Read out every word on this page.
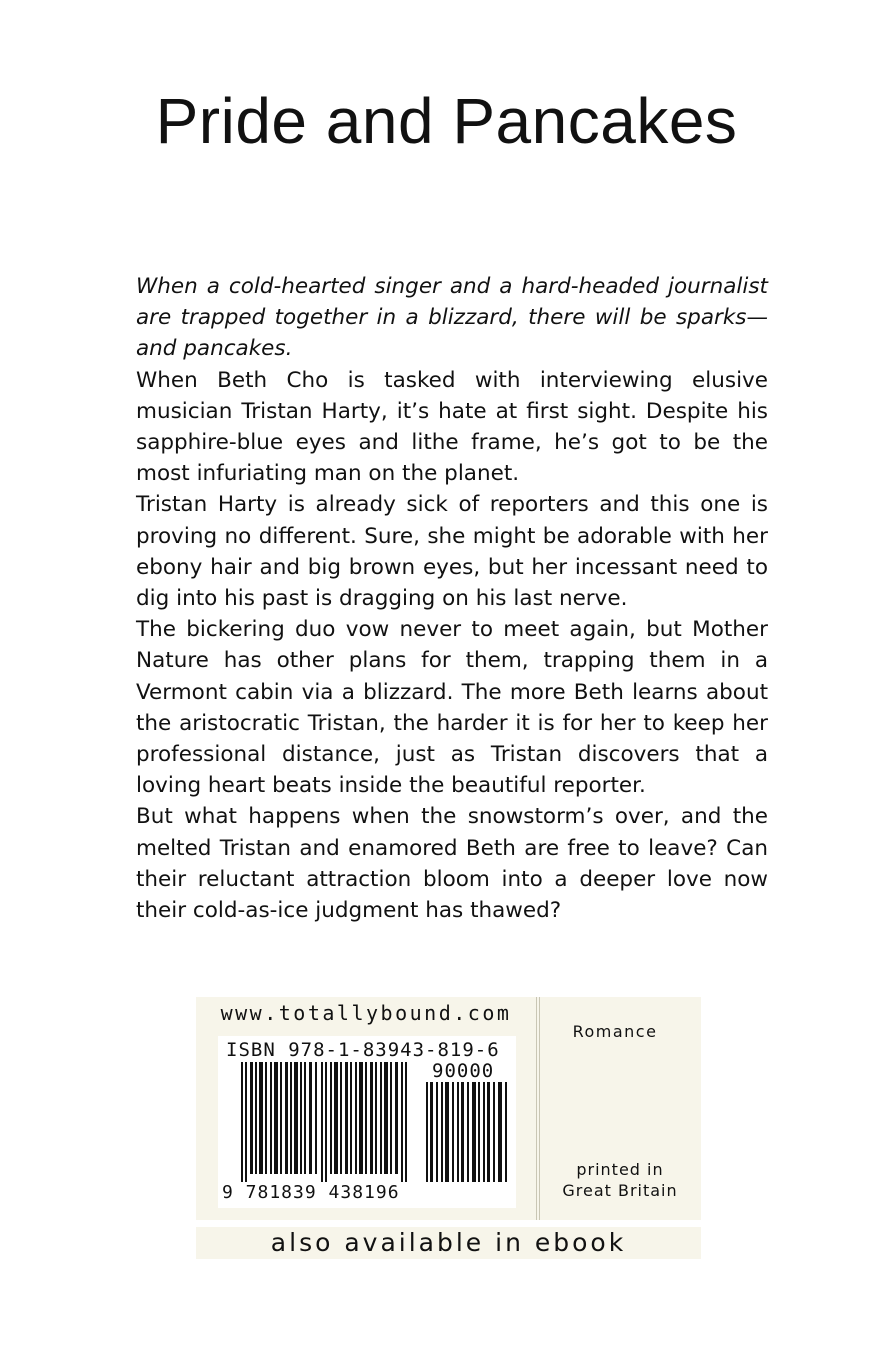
Pride and Pancakes

When a cold-hearted singer and a hard-headed journalist are trapped together in a blizzard, there will be sparks—and pancakes.

When Beth Cho is tasked with interviewing elusive musician Tristan Harty, it’s hate at first sight. Despite his sapphire-blue eyes and lithe frame, he’s got to be the most infuriating man on the planet.

Tristan Harty is already sick of reporters and this one is proving no different. Sure, she might be adorable with her ebony hair and big brown eyes, but her incessant need to dig into his past is dragging on his last nerve.

The bickering duo vow never to meet again, but Mother Nature has other plans for them, trapping them in a Vermont cabin via a blizzard. The more Beth learns about the aristocratic Tristan, the harder it is for her to keep her professional distance, just as Tristan discovers that a loving heart beats inside the beautiful reporter.

But what happens when the snowstorm’s over, and the melted Tristan and enamored Beth are free to leave? Can their reluctant attraction bloom into a deeper love now their cold-as-ice judgment has thawed?

www.totallybound.com
ISBN 978-1-83943-819-6
90000
9 781839 438196
Romance
printed in
Great Britain
also available in ebook
